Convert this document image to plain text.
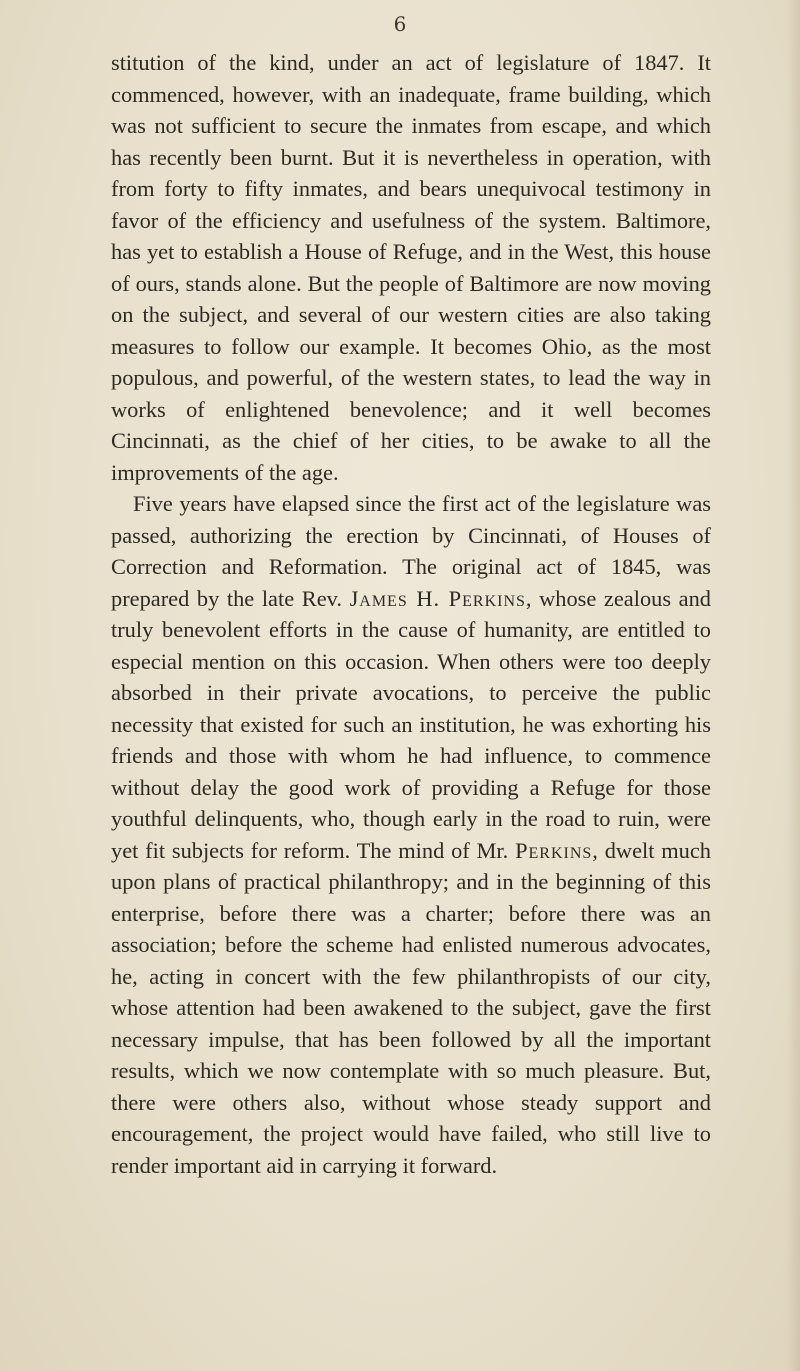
6

stitution of the kind, under an act of legislature of 1847. It commenced, however, with an inadequate, frame building, which was not sufficient to secure the inmates from escape, and which has recently been burnt. But it is nevertheless in operation, with from forty to fifty inmates, and bears unequivocal testimony in favor of the efficiency and usefulness of the system. Baltimore, has yet to establish a House of Refuge, and in the West, this house of ours, stands alone. But the people of Baltimore are now moving on the subject, and several of our western cities are also taking measures to follow our example. It becomes Ohio, as the most populous, and powerful, of the western states, to lead the way in works of enlightened benevolence; and it well becomes Cincinnati, as the chief of her cities, to be awake to all the improvements of the age.

Five years have elapsed since the first act of the legislature was passed, authorizing the erection by Cincinnati, of Houses of Correction and Reformation. The original act of 1845, was prepared by the late Rev. James H. Perkins, whose zealous and truly benevolent efforts in the cause of humanity, are entitled to especial mention on this occasion. When others were too deeply absorbed in their private avocations, to perceive the public necessity that existed for such an institution, he was exhorting his friends and those with whom he had influence, to commence without delay the good work of providing a Refuge for those youthful delinquents, who, though early in the road to ruin, were yet fit subjects for reform. The mind of Mr. Perkins, dwelt much upon plans of practical philanthropy; and in the beginning of this enterprise, before there was a charter; before there was an association; before the scheme had enlisted numerous advocates, he, acting in concert with the few philanthropists of our city, whose attention had been awakened to the subject, gave the first necessary impulse, that has been followed by all the important results, which we now contemplate with so much pleasure. But, there were others also, without whose steady support and encouragement, the project would have failed, who still live to render important aid in carrying it forward.
